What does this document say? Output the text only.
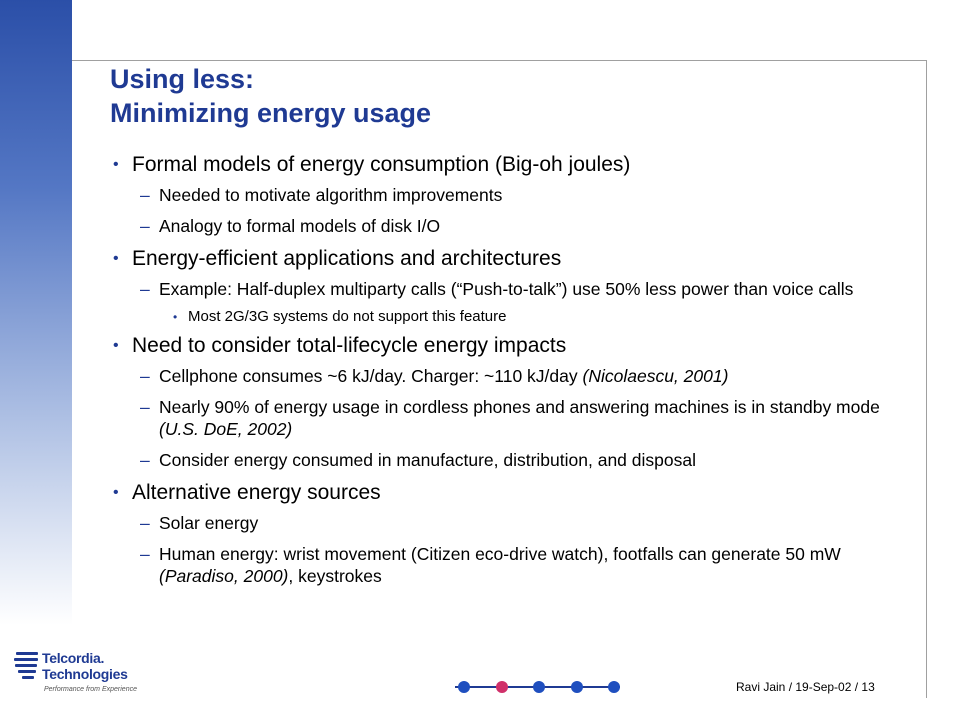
Using less:
Minimizing energy usage
• Formal models of energy consumption (Big-oh joules)
– Needed to motivate algorithm improvements
– Analogy to formal models of disk I/O
• Energy-efficient applications and architectures
– Example: Half-duplex multiparty calls (“Push-to-talk”) use 50% less power than voice calls
• Most 2G/3G systems do not support this feature
• Need to consider total-lifecycle energy impacts
– Cellphone consumes ~6 kJ/day. Charger: ~110 kJ/day (Nicolaescu, 2001)
– Nearly 90% of energy usage in cordless phones and answering machines is in standby mode (U.S. DoE, 2002)
– Consider energy consumed in manufacture, distribution, and disposal
• Alternative energy sources
– Solar energy
– Human energy: wrist movement (Citizen eco-drive watch), footfalls can generate 50 mW (Paradiso, 2000), keystrokes
Telcordia.
Technologies
Performance from Experience	Ravi Jain / 19-Sep-02 / 13
